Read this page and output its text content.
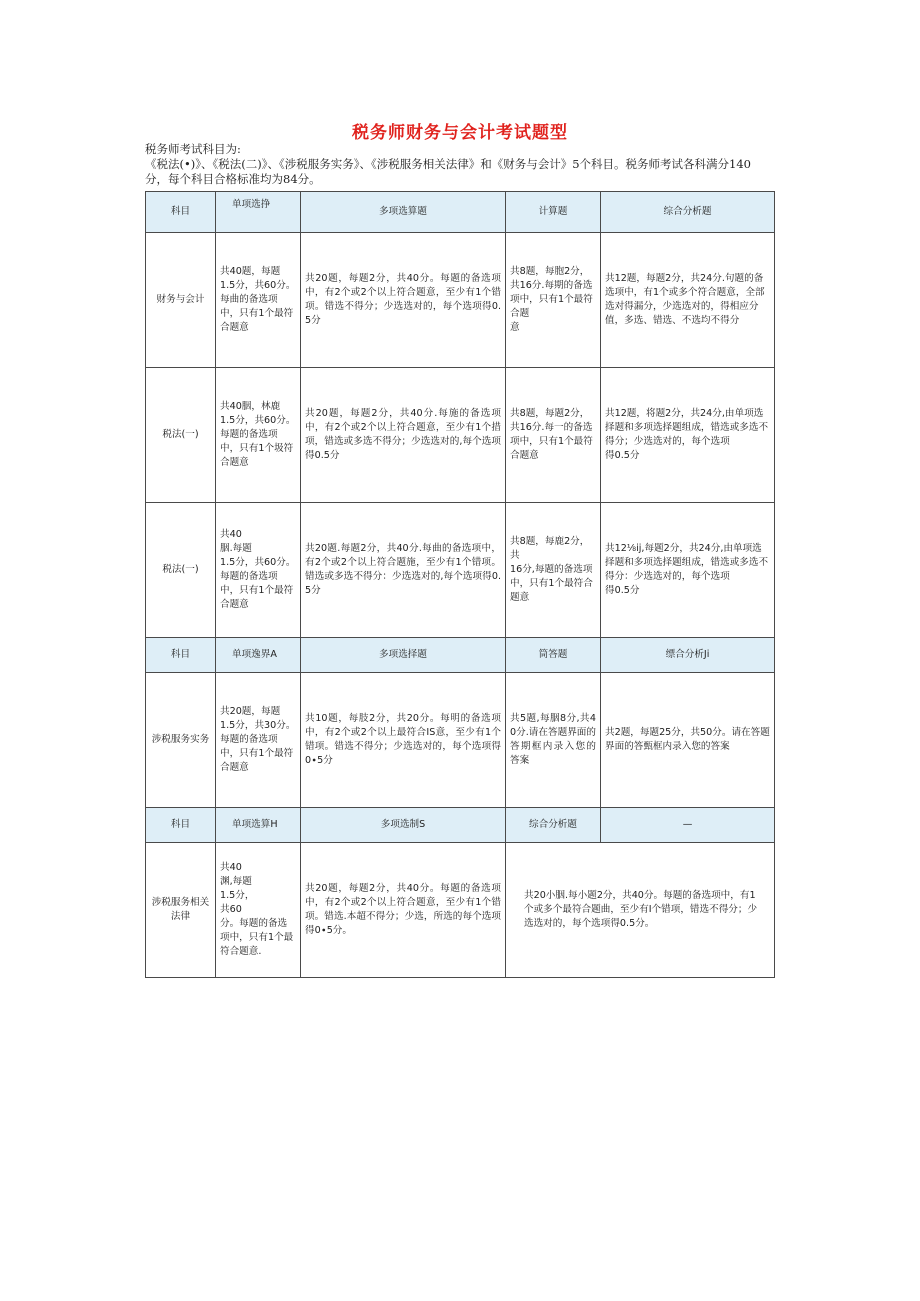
税务师财务与会计考试题型

税务师考试科目为:

《税法(•)》、《税法(二)》、《涉税服务实务》、《涉税服务相关法律》和《财务与会计》5个科目。税务师考试各科满分140分，每个科目合格标准均为84分。

科目	单项选挣	多项选算题	计算题	综合分析题
财务与会计	共40题，每题
1.5分，共60分。每曲的备选项中，只有1个最符合题意	共20题，每题2分，共40分。每题的备选项中，有2个或2个以上符合题意，至少有1个错项。错选不得分；少选选对的，每个选项得0.5分	共8题，每胞2分，共16分.每期的备选项中，只有1个最符合题
意	共12题，每题2分，共24分.句题的备选项中，有1个或多个符合题意，全部选对得漏分，少选选对的，得相应分值，多选、错选、不选均不得分
税法(一)	共40胭，林鹿
1.5分，共60分。每题的备选项中，只有1个圾符合题意	共20题，每题2分，共40分.每施的备选项中，有2个或2个以上符合题意，至少有1个措项，错选或多选不得分；少选选对的,每个选项得0.5分	共8题，每题2分，共16分.每一的备选项中，只有1个最符合题意	共12题，将题2分，共24分,由单项选择题和多项选择题组成，错选或多选不得分；少选选对的，每个选项
得0.5分
税法(一)	共40
胭.每题
1.5分，共60分。每题的备选项中，只有1个最符合题意	共20题.每题2分，共40分.每曲的备选项中，有2个或2个以上符合题施，至少有1个错项。错选或多选不得分：少选选对的,每个选项得0.5分	共8题，每鹿2分，共
16分,每题的备选项中，只有1个最符合题意	共12⅛ij,每题2分，共24分,由单项选择题和多项选择题组成，错选或多选不得分：少选选对的，每个选项
得0.5分
科目	单项逸界A	多项选择题	筒答题	缥合分析Ji
涉税服务实务	共20题，每题
1.5分，共30分。每题的备选项中，只有1个最符合题意	共10题，每肢2分，共20分。每明的备选项中，有2个或2个以上最符合IS意，至少有1个错项。错选不得分；少选选对的，每个选项得0∙5分	共5题,每胭8分,共40分.请在答题界面的答期框内录入您的答案	共2题，每题25分，共50分。请在答题界面的答甄框内录入您的答案
科目	单项选算H	多项选制S	综合分析题	—
涉税服务相关法律	共40
渊,每题
1.5分，
共60
分。每题的备选项中，只有1个最符合题意.	共20题，每题2分，共40分。每题的备选项中，有2个或2个以上符合题意，至少有1个错项。错选.本超不得分；少选，所选的每个选项得0∙5分。	共20小胭.每小题2分，共40分。每题的备选项中，有1个或多个最符合题曲，至少有I个错项，错选不得分；少选选对的，每个选项得0.5分。	
